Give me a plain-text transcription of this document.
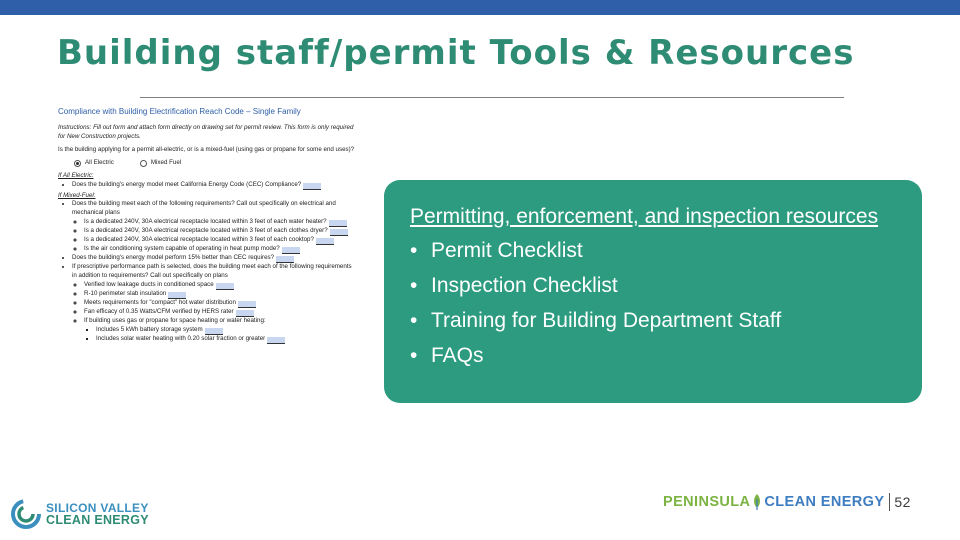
Building staff/permit Tools & Resources
Compliance with Building Electrification Reach Code – Single Family

Instructions: Fill out form and attach form directly on drawing set for permit review. This form is only required for New Construction projects.

Is the building applying for a permit all-electric, or is a mixed-fuel (using gas or propane for some end uses)?

All Electric	Mixed Fuel
If All Electric:
• Does the building's energy model meet California Energy Code (CEC) Compliance?
If Mixed-Fuel:
• Does the building meet each of the following requirements? Call out specifically on electrical and mechanical plans
◦ Is a dedicated 240V, 30A electrical receptacle located within 3 feet of each water heater?
◦ Is a dedicated 240V, 30A electrical receptacle located within 3 feet of each clothes dryer?
◦ Is a dedicated 240V, 30A electrical receptacle located within 3 feet of each cooktop?
◦ Is the air conditioning system capable of operating in heat pump mode?
• Does the building's energy model perform 15% better than CEC requires?
• If prescriptive performance path is selected, does the building meet each of the following requirements in addition to requirements? Call out specifically on plans
◦ Verified low leakage ducts in conditioned space
◦ R-10 perimeter slab insulation
◦ Meets requirements for "compact" hot water distribution
◦ Fan efficacy of 0.35 Watts/CFM verified by HERS rater
◦ If building uses gas or propane for space heating or water heating:
▪ Includes 5 kWh battery storage system
▪ Includes solar water heating with 0.20 solar fraction or greater
Permitting, enforcement, and inspection resources
• Permit Checklist
• Inspection Checklist
• Training for Building Department Staff
• FAQs
SILICON VALLEY
CLEAN ENERGY
PENINSULA CLEAN ENERGY 52
